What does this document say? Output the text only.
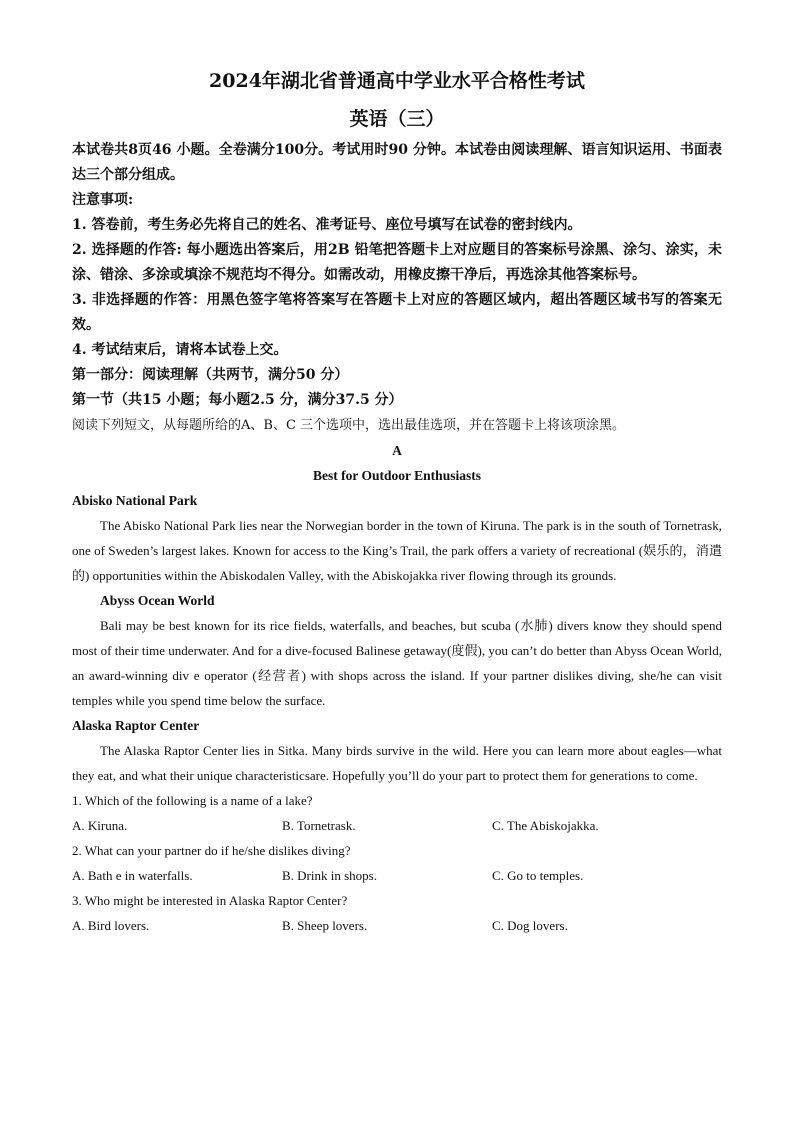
2024年湖北省普通高中学业水平合格性考试
英语（三）

本试卷共8页46 小题。全卷满分100分。考试用时90 分钟。本试卷由阅读理解、语言知识运用、书面表达三个部分组成。

注意事项:

1. 答卷前，考生务必先将自己的姓名、准考证号、座位号填写在试卷的密封线内。

2. 选择题的作答: 每小题选出答案后，用2B 铅笔把答题卡上对应题目的答案标号涂黑、涂匀、涂实，未涂、错涂、多涂或填涂不规范均不得分。如需改动，用橡皮擦干净后，再选涂其他答案标号。

3. 非选择题的作答：用黑色签字笔将答案写在答题卡上对应的答题区域内，超出答题区域书写的答案无效。

4. 考试结束后，请将本试卷上交。

第一部分：阅读理解（共两节，满分50 分）

第一节（共15 小题；每小题2.5 分，满分37.5 分）

阅读下列短文，从每题所给的A、B、C 三个选项中，选出最佳选项，并在答题卡上将该项涂黑。

A

Best for Outdoor Enthusiasts

Abisko National Park

The Abisko National Park lies near the Norwegian border in the town of Kiruna. The park is in the south of Tornetrask, one of Sweden’s largest lakes. Known for access to the King’s Trail, the park offers a variety of recreational (娱乐的，消遣的) opportunities within the Abiskodalen Valley, with the Abiskojakka river flowing through its grounds.

Abyss Ocean World

Bali may be best known for its rice fields, waterfalls, and beaches, but scuba (水肺) divers know they should spend most of their time underwater. And for a dive-focused Balinese getaway(度假), you can’t do better than Abyss Ocean World, an award-winning div e operator (经营者) with shops across the island. If your partner dislikes diving, she/he can visit temples while you spend time below the surface.

Alaska Raptor Center

The Alaska Raptor Center lies in Sitka. Many birds survive in the wild. Here you can learn more about eagles—what they eat, and what their unique characteristicsare. Hopefully you’ll do your part to protect them for generations to come.

1. Which of the following is a name of a lake?

A. Kiruna.	B. Tornetrask.	C. The Abiskojakka.

2. What can your partner do if he/she dislikes diving?

A. Bath e in waterfalls.	B. Drink in shops.	C. Go to temples.

3. Who might be interested in Alaska Raptor Center?

A. Bird lovers.	B. Sheep lovers.	C. Dog lovers.
